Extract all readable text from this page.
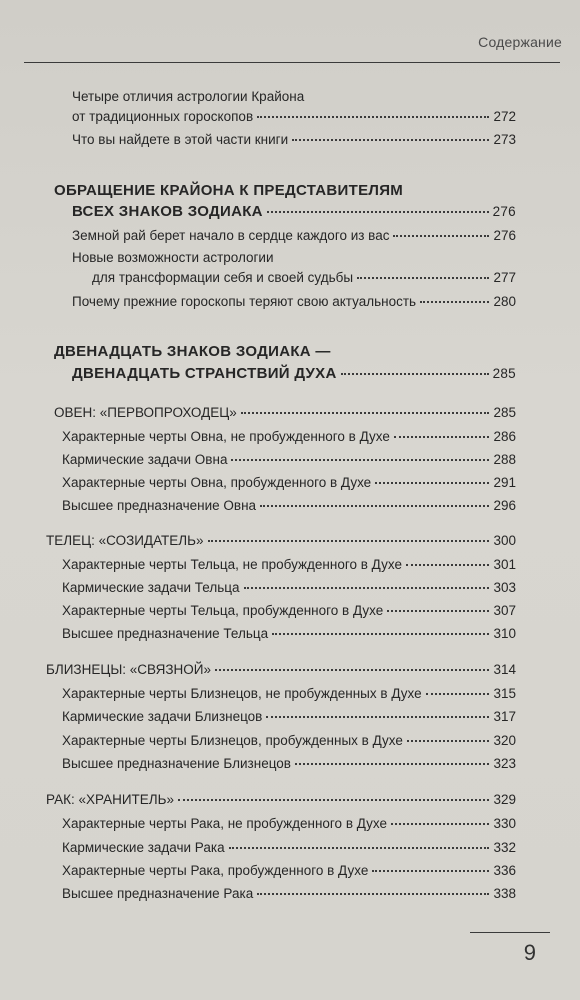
Содержание
Четыре отличия астрологии Крайона
от традиционных гороскопов	272
Что вы найдете в этой части книги	273
ОБРАЩЕНИЕ КРАЙОНА К ПРЕДСТАВИТЕЛЯМ
ВСЕХ ЗНАКОВ ЗОДИАКА	276
Земной рай берет начало в сердце каждого из вас	276
Новые возможности астрологии
для трансформации себя и своей судьбы	277
Почему прежние гороскопы теряют свою актуальность	280
ДВЕНАДЦАТЬ ЗНАКОВ ЗОДИАКА —
ДВЕНАДЦАТЬ СТРАНСТВИЙ ДУХА	285
ОВЕН: «ПЕРВОПРОХОДЕЦ»	285
Характерные черты Овна, не пробужденного в Духе	286
Кармические задачи Овна	288
Характерные черты Овна, пробужденного в Духе	291
Высшее предназначение Овна	296
ТЕЛЕЦ: «СОЗИДАТЕЛЬ»	300
Характерные черты Тельца, не пробужденного в Духе	301
Кармические задачи Тельца	303
Характерные черты Тельца, пробужденного в Духе	307
Высшее предназначение Тельца	310
БЛИЗНЕЦЫ: «СВЯЗНОЙ»	314
Характерные черты Близнецов, не пробужденных в Духе	315
Кармические задачи Близнецов	317
Характерные черты Близнецов, пробужденных в Духе	320
Высшее предназначение Близнецов	323
РАК: «ХРАНИТЕЛЬ»	329
Характерные черты Рака, не пробужденного в Духе	330
Кармические задачи Рака	332
Характерные черты Рака, пробужденного в Духе	336
Высшее предназначение Рака	338
9
